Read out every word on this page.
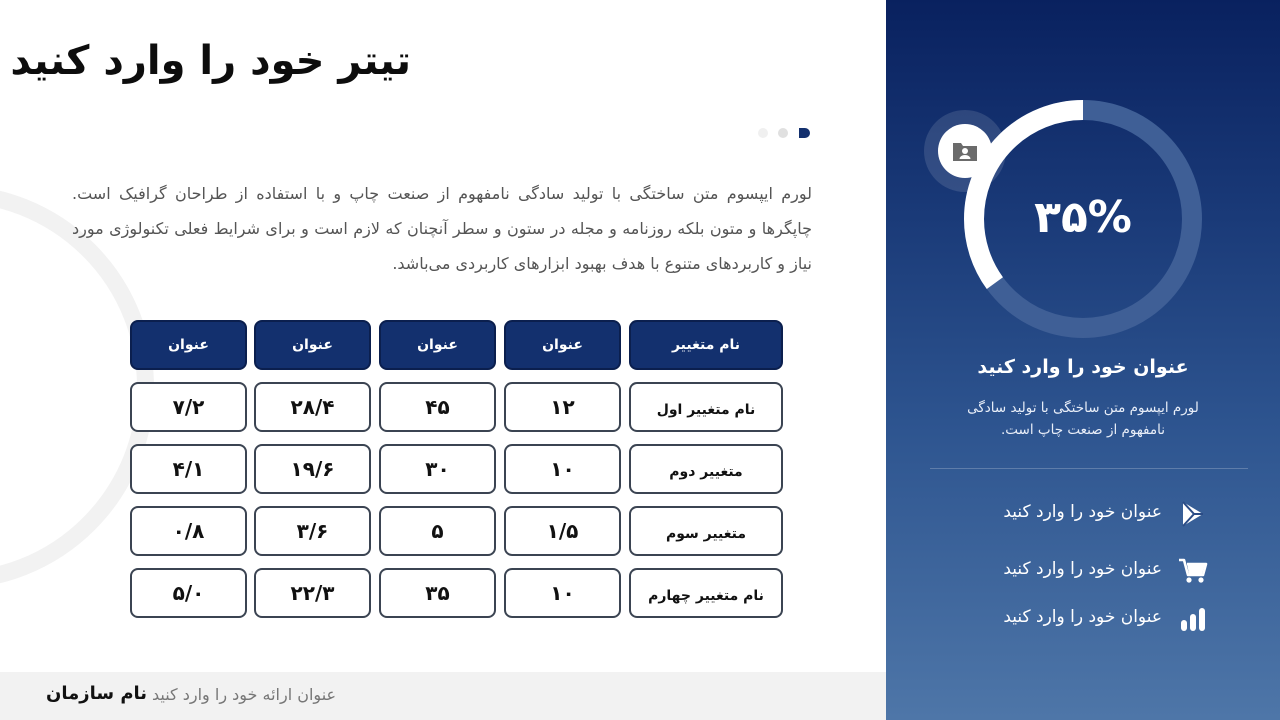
تیتر خود را وارد کنید

لورم ایپسوم متن ساختگی با تولید سادگی نامفهوم از صنعت چاپ و با استفاده از طراحان گرافیک است. چاپگرها و متون بلکه روزنامه و مجله در ستون و سطر آنچنان که لازم است و برای شرایط فعلی تکنولوژی مورد نیاز و کاربردهای متنوع با هدف بهبود ابزارهای کاربردی می‌باشد.

نام متغییر
عنوان
عنوان
عنوان
عنوان
نام متغییر اول
۱۲
۴۵
۲۸/۴
۷/۲
متغییر دوم
۱۰
۳۰
۱۹/۶
۴/۱
متغییر سوم
۱/۵
۵
۳/۶
۰/۸
نام متغییر چهارم
۱۰
۳۵
۲۲/۳
۵/۰
نام سازمان عنوان ارائه خود را وارد کنید
۳۵%
عنوان خود را وارد کنید
لورم ایپسوم متن ساختگی با تولید سادگی نامفهوم از صنعت چاپ است.
عنوان خود را وارد کنید
عنوان خود را وارد کنید
عنوان خود را وارد کنید
